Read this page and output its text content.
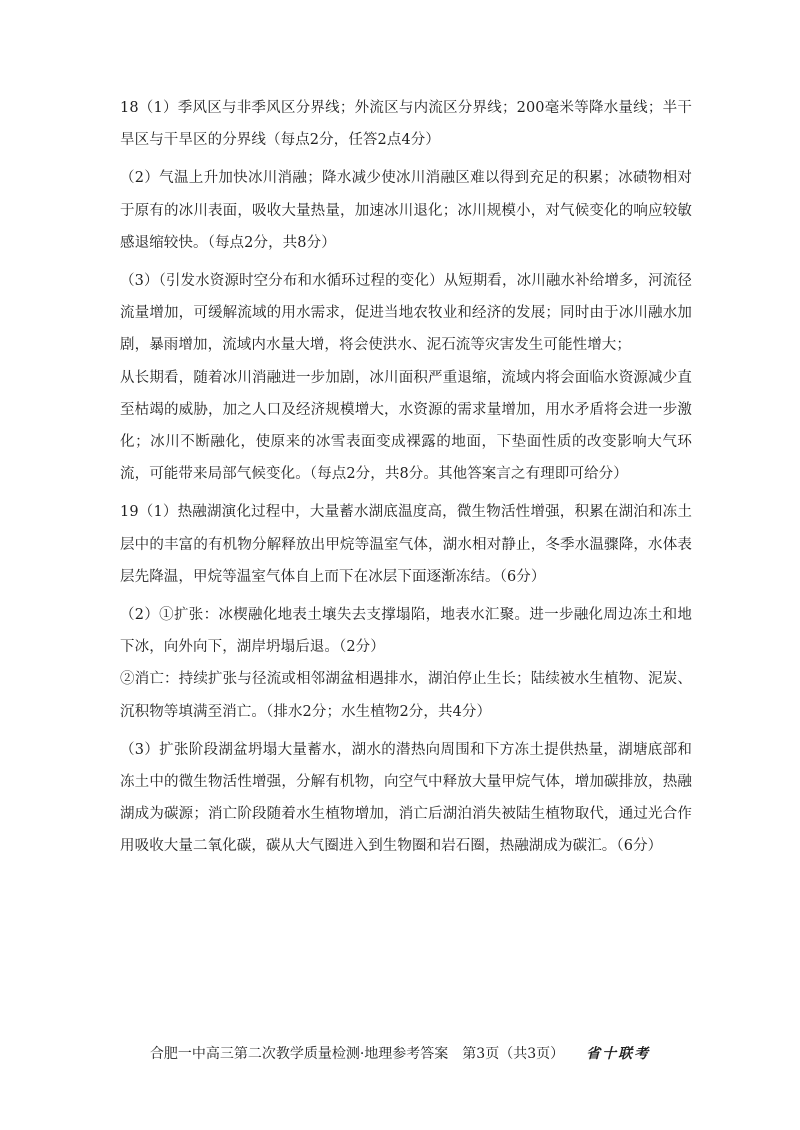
18（1）季风区与非季风区分界线；外流区与内流区分界线；200毫米等降水量线；半干旱区与干旱区的分界线（每点2分，任答2点4分）

（2）气温上升加快冰川消融；降水减少使冰川消融区难以得到充足的积累；冰碛物相对于原有的冰川表面，吸收大量热量，加速冰川退化；冰川规模小，对气候变化的响应较敏感退缩较快。（每点2分，共8分）

（3）（引发水资源时空分布和水循环过程的变化）从短期看，冰川融水补给增多，河流径流量增加，可缓解流域的用水需求，促进当地农牧业和经济的发展；同时由于冰川融水加剧，暴雨增加，流域内水量大增，将会使洪水、泥石流等灾害发生可能性增大；

从长期看，随着冰川消融进一步加剧，冰川面积严重退缩，流域内将会面临水资源减少直至枯竭的威胁，加之人口及经济规模增大，水资源的需求量增加，用水矛盾将会进一步激化；冰川不断融化，使原来的冰雪表面变成裸露的地面，下垫面性质的改变影响大气环流，可能带来局部气候变化。（每点2分，共8分。其他答案言之有理即可给分）

19（1）热融湖演化过程中，大量蓄水湖底温度高，微生物活性增强，积累在湖泊和冻土层中的丰富的有机物分解释放出甲烷等温室气体，湖水相对静止，冬季水温骤降，水体表层先降温，甲烷等温室气体自上而下在冰层下面逐渐冻结。（6分）

（2）①扩张：冰楔融化地表土壤失去支撑塌陷，地表水汇聚。进一步融化周边冻土和地下冰，向外向下，湖岸坍塌后退。（2分）

②消亡：持续扩张与径流或相邻湖盆相遇排水，湖泊停止生长；陆续被水生植物、泥炭、沉积物等填满至消亡。（排水2分；水生植物2分，共4分）

（3）扩张阶段湖盆坍塌大量蓄水，湖水的潜热向周围和下方冻土提供热量，湖塘底部和冻土中的微生物活性增强，分解有机物，向空气中释放大量甲烷气体，增加碳排放，热融湖成为碳源；消亡阶段随着水生植物增加，消亡后湖泊消失被陆生植物取代，通过光合作用吸收大量二氧化碳，碳从大气圈进入到生物圈和岩石圈，热融湖成为碳汇。（6分）

合肥一中高三第二次教学质量检测·地理参考答案　第3页（共3页） 省十联考
